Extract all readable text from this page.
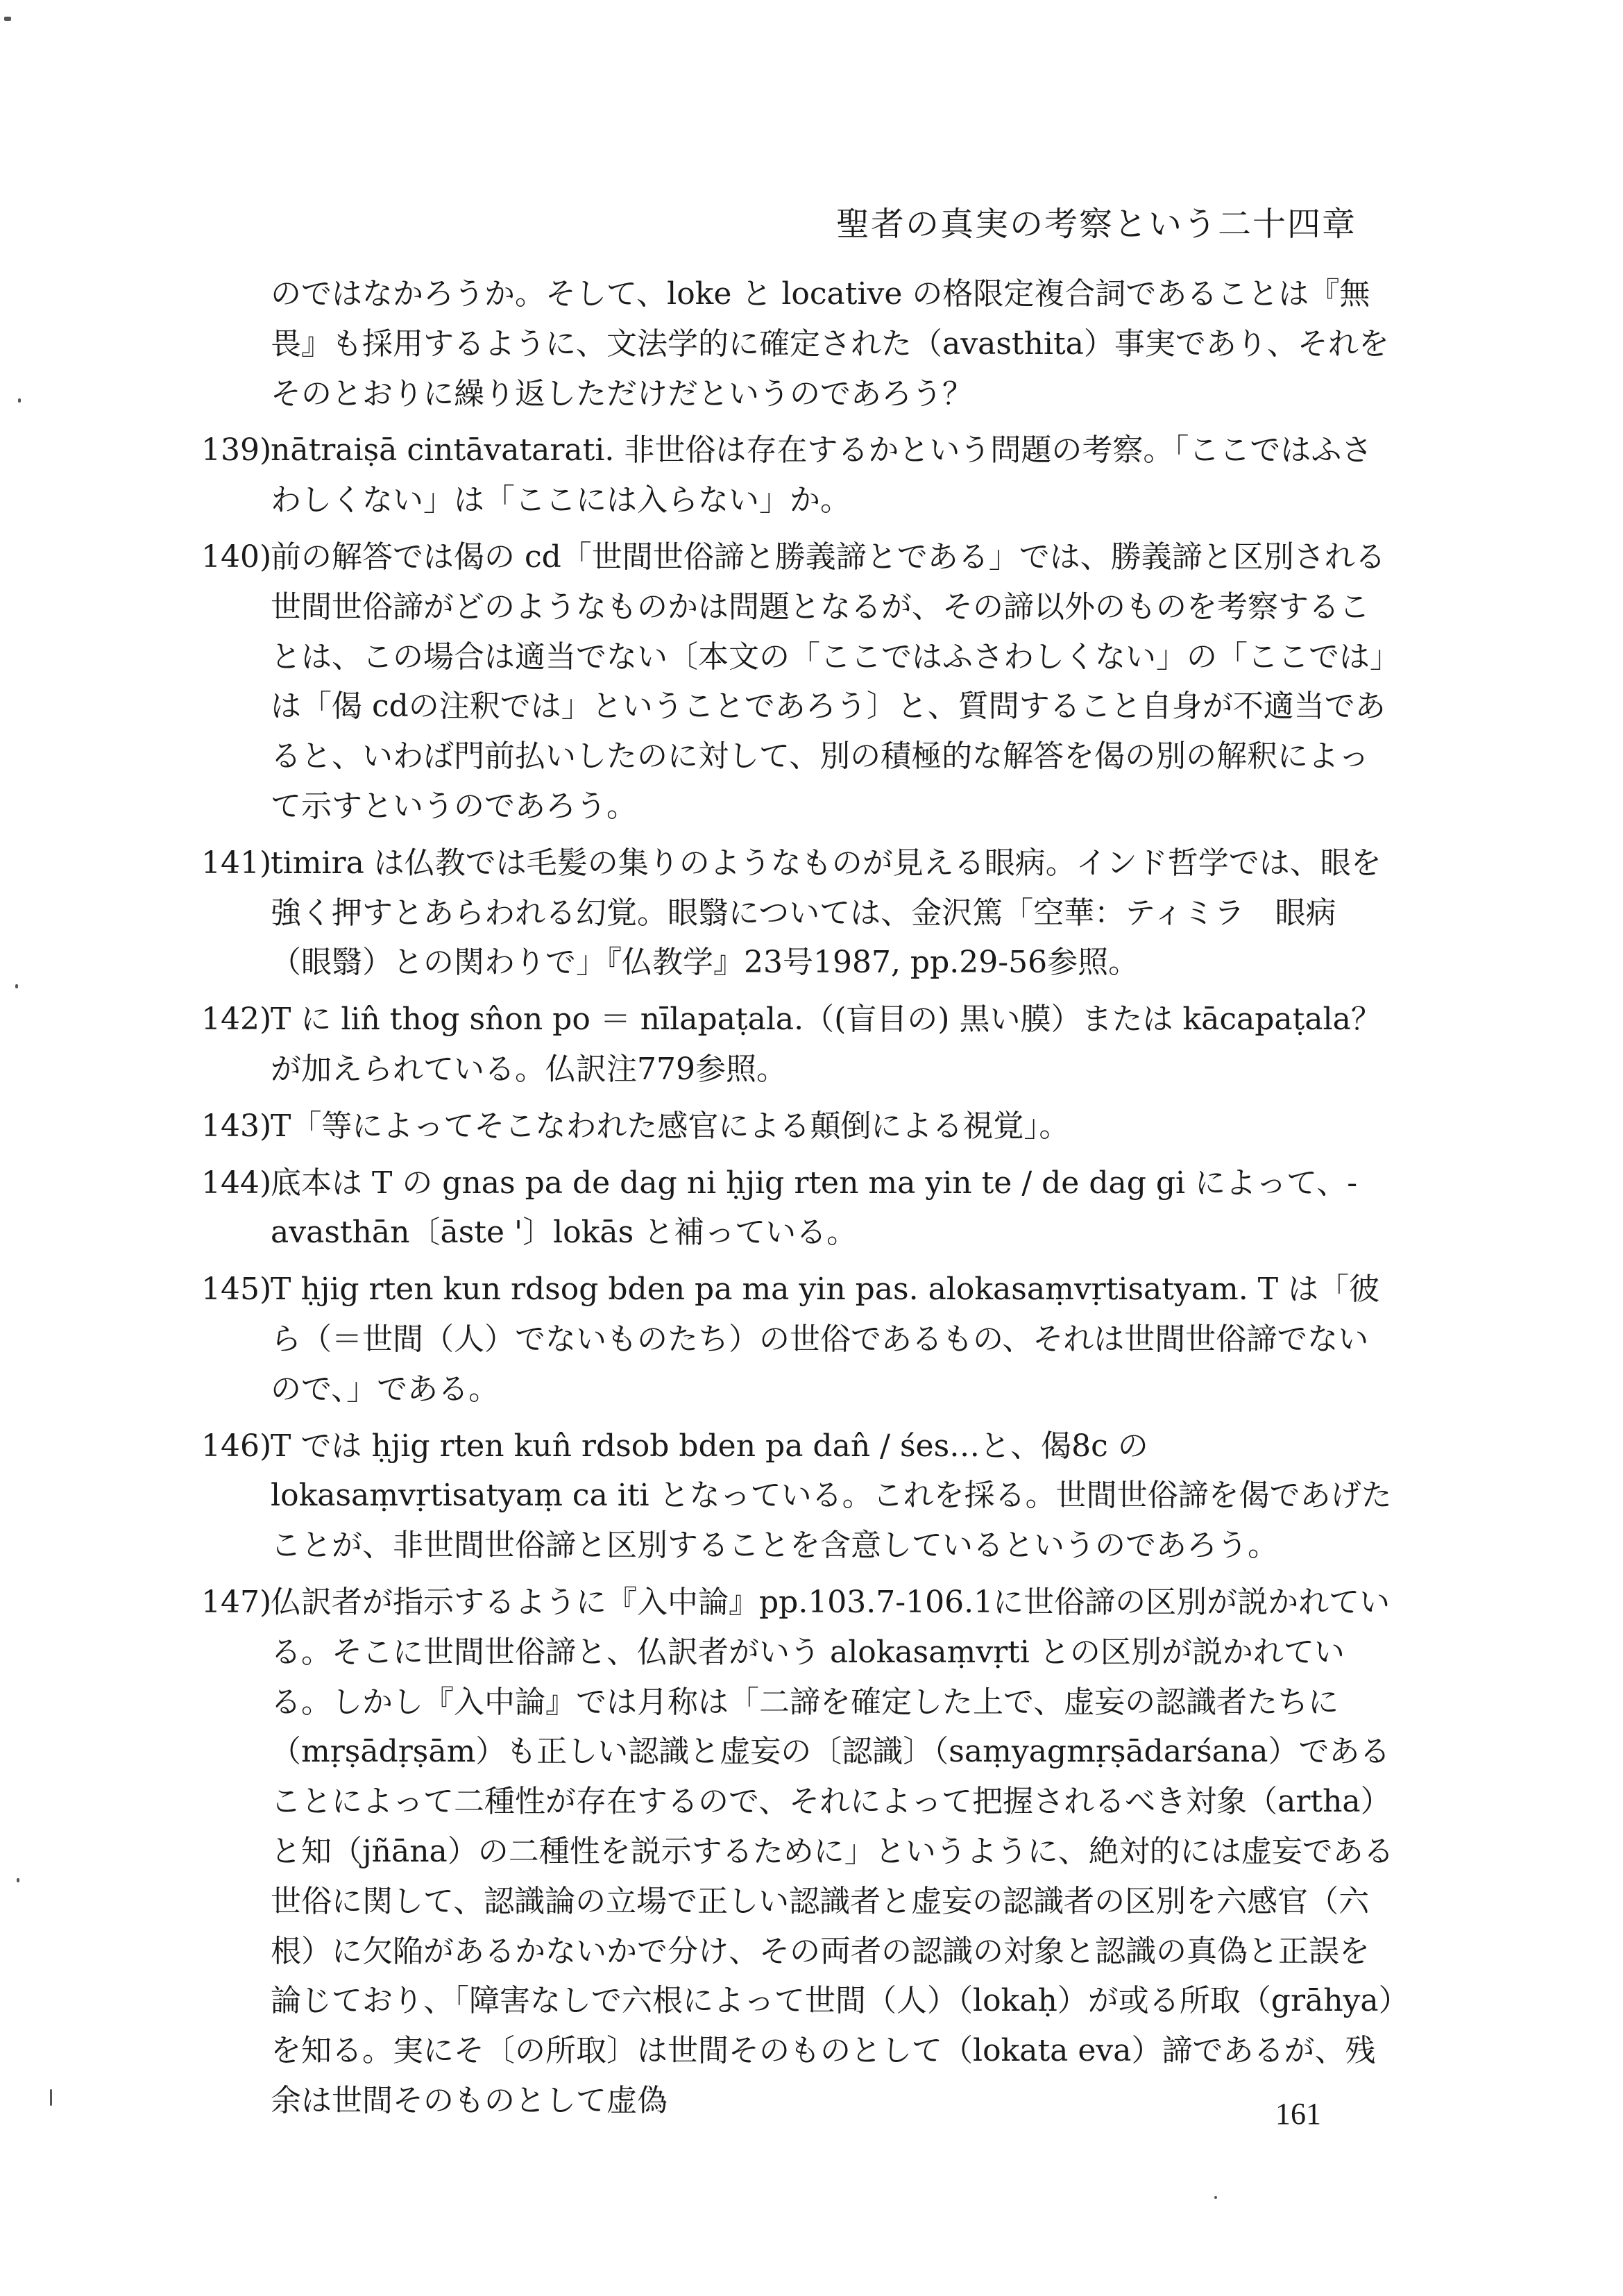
聖者の真実の考察という二十四章
のではなかろうか。そして、loke と locative の格限定複合詞であることは『無畏』も採用するように、文法学的に確定された（avasthita）事実であり、それをそのとおりに繰り返しただけだというのであろう？
139)
nātraiṣā cintāvatarati. 非世俗は存在するかという問題の考察。「ここではふさわしくない」は「ここには入らない」か。
140)
前の解答では偈の cd「世間世俗諦と勝義諦とである」では、勝義諦と区別される世間世俗諦がどのようなものかは問題となるが、その諦以外のものを考察することは、この場合は適当でない〔本文の「ここではふさわしくない」の「ここでは」は「偈 cdの注釈では」ということであろう〕と、質問すること自身が不適当であると、いわば門前払いしたのに対して、別の積極的な解答を偈の別の解釈によって示すというのであろう。
141)
timira は仏教では毛髪の集りのようなものが見える眼病。インド哲学では、眼を強く押すとあらわれる幻覚。眼翳については、金沢篤「空華：ティミラ　眼病（眼翳）との関わりで」『仏教学』23号1987, pp.29-56参照。
142)
T に lin̂ thog sn̂on po ＝ nīlapaṭala.（(盲目の) 黒い膜）または kācapaṭala？が加えられている。仏訳注779参照。
143)
T「等によってそこなわれた感官による顛倒による視覚」。
144)
底本は T の gnas pa de dag ni ḥjig rten ma yin te / de dag gi によって、-avasthān〔āste '〕lokās と補っている。
145)
T ḥjig rten kun rdsog bden pa ma yin pas. alokasaṃvṛtisatyam. T は「彼ら（＝世間（人）でないものたち）の世俗であるもの、それは世間世俗諦でないので、」である。
146)
T では ḥjig rten kun̂ rdsob bden pa dan̂ / śes…と、偈8c の lokasaṃvṛtisatyaṃ ca iti となっている。これを採る。世間世俗諦を偈であげたことが、非世間世俗諦と区別することを含意しているというのであろう。
147)
仏訳者が指示するように『入中論』pp.103.7-106.1に世俗諦の区別が説かれている。そこに世間世俗諦と、仏訳者がいう alokasaṃvṛti との区別が説かれている。しかし『入中論』では月称は「二諦を確定した上で、虚妄の認識者たちに（mṛṣādṛṣām）も正しい認識と虚妄の〔認識〕（saṃyagmṛṣādarśana）であることによって二種性が存在するので、それによって把握されるべき対象（artha）と知（jñāna）の二種性を説示するために」というように、絶対的には虚妄である世俗に関して、認識論の立場で正しい認識者と虚妄の認識者の区別を六感官（六根）に欠陥があるかないかで分け、その両者の認識の対象と認識の真偽と正誤を論じており、「障害なしで六根によって世間（人）（lokaḥ）が或る所取（grāhya）を知る。実にそ〔の所取〕は世間そのものとして（lokata eva）諦であるが、残余は世間そのものとして虚偽	161
